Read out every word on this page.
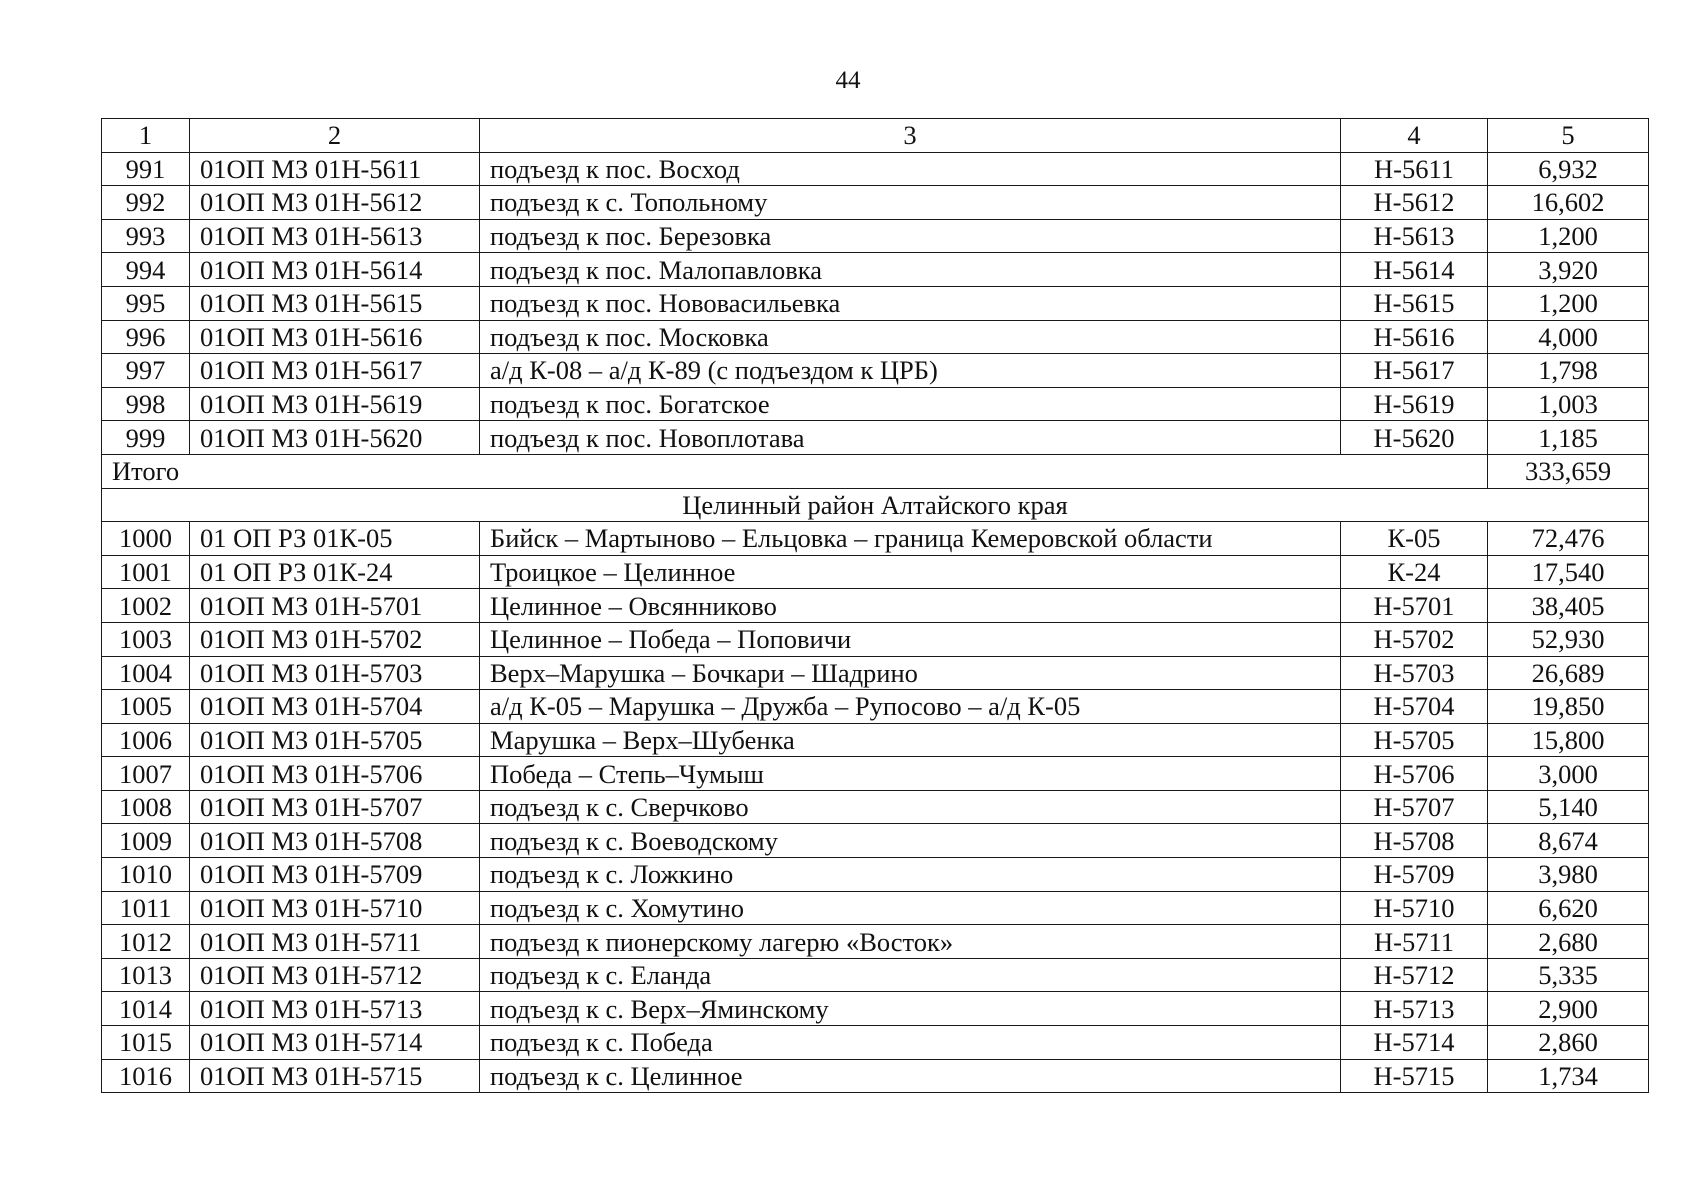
44
1	2	3	4	5
991	01ОП МЗ 01Н-5611	подъезд к пос. Восход	Н-5611	6,932
992	01ОП МЗ 01Н-5612	подъезд к с. Топольному	Н-5612	16,602
993	01ОП МЗ 01Н-5613	подъезд к пос. Березовка	Н-5613	1,200
994	01ОП МЗ 01Н-5614	подъезд к пос. Малопавловка	Н-5614	3,920
995	01ОП МЗ 01Н-5615	подъезд к пос. Нововасильевка	Н-5615	1,200
996	01ОП МЗ 01Н-5616	подъезд к пос. Московка	Н-5616	4,000
997	01ОП МЗ 01Н-5617	а/д К-08 – а/д К-89 (с подъездом к ЦРБ)	Н-5617	1,798
998	01ОП МЗ 01Н-5619	подъезд к пос. Богатское	Н-5619	1,003
999	01ОП МЗ 01Н-5620	подъезд к пос. Новоплотава	Н-5620	1,185
Итого				333,659
Целинный район Алтайского края				
1000	01 ОП РЗ 01К-05	Бийск – Мартыново – Ельцовка – граница Кемеровской области	К-05	72,476
1001	01 ОП РЗ 01К-24	Троицкое – Целинное	К-24	17,540
1002	01ОП МЗ 01Н-5701	Целинное – Овсянниково	Н-5701	38,405
1003	01ОП МЗ 01Н-5702	Целинное – Победа – Поповичи	Н-5702	52,930
1004	01ОП МЗ 01Н-5703	Верх–Марушка – Бочкари – Шадрино	Н-5703	26,689
1005	01ОП МЗ 01Н-5704	а/д К-05 – Марушка – Дружба – Рупосово – а/д К-05	Н-5704	19,850
1006	01ОП МЗ 01Н-5705	Марушка – Верх–Шубенка	Н-5705	15,800
1007	01ОП МЗ 01Н-5706	Победа – Степь–Чумыш	Н-5706	3,000
1008	01ОП МЗ 01Н-5707	подъезд к с. Сверчково	Н-5707	5,140
1009	01ОП МЗ 01Н-5708	подъезд к с. Воеводскому	Н-5708	8,674
1010	01ОП МЗ 01Н-5709	подъезд к с. Ложкино	Н-5709	3,980
1011	01ОП МЗ 01Н-5710	подъезд к с. Хомутино	Н-5710	6,620
1012	01ОП МЗ 01Н-5711	подъезд к пионерскому лагерю «Восток»	Н-5711	2,680
1013	01ОП МЗ 01Н-5712	подъезд к с. Еланда	Н-5712	5,335
1014	01ОП МЗ 01Н-5713	подъезд к с. Верх–Яминскому	Н-5713	2,900
1015	01ОП МЗ 01Н-5714	подъезд к с. Победа	Н-5714	2,860
1016	01ОП МЗ 01Н-5715	подъезд к с. Целинное	Н-5715	1,734
